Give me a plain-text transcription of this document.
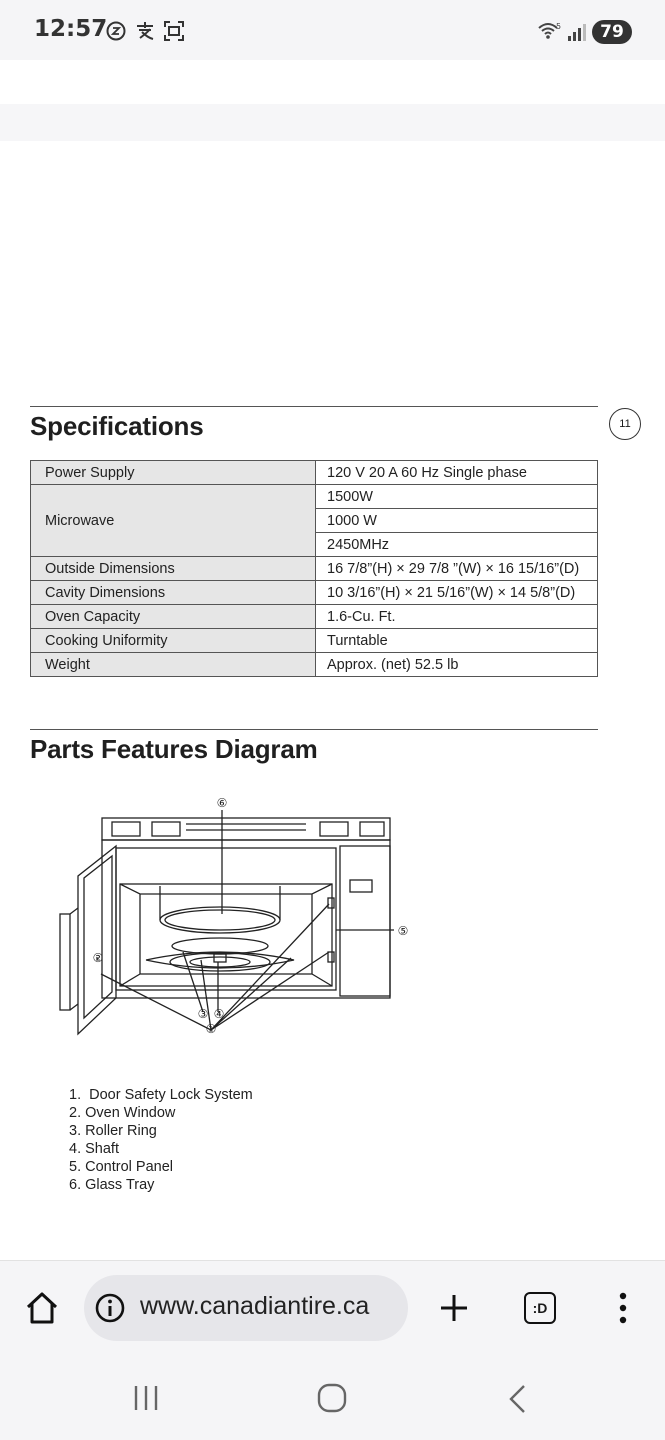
12:57	5	79
Specifications	11
Power Supply	120 V 20 A 60 Hz Single phase
Microwave	1500W
	1000 W
	2450MHz
Outside Dimensions	16 7/8”(H) × 29 7/8 ”(W) × 16 15/16”(D)
Cavity Dimensions	10 3/16”(H) × 21 5/16”(W) × 14 5/8”(D)
Oven Capacity	1.6-Cu. Ft.
Cooking Uniformity	Turntable
Weight	Approx. (net) 52.5 lb
Parts Features Diagram
⑥
⑤
②
③ ④
①
1.  Door Safety Lock System
2. Oven Window
3. Roller Ring
4. Shaft
5. Control Panel
6. Glass Tray
www.canadiantire.ca	:D
